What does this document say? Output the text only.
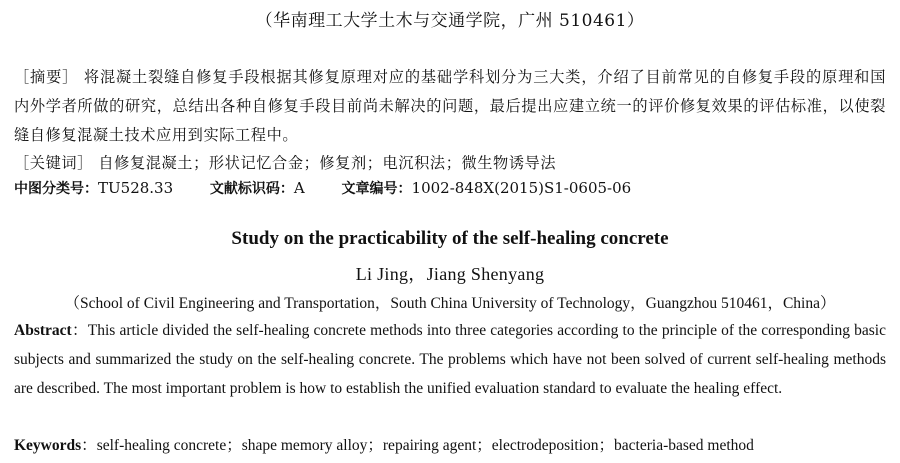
（华南理工大学土木与交通学院，广州 510461）
［摘要］ 将混凝土裂缝自修复手段根据其修复原理对应的基础学科划分为三大类，介绍了目前常见的自修复手段的原理和国内外学者所做的研究，总结出各种自修复手段目前尚未解决的问题，最后提出应建立统一的评价修复效果的评估标准，以使裂缝自修复混凝土技术应用到实际工程中。
［关键词］ 自修复混凝土；形状记忆合金；修复剂；电沉积法；微生物诱导法
中图分类号：TU528.33	文献标识码：A	文章编号：1002-848X(2015)S1-0605-06
Study on the practicability of the self-healing concrete
Li Jing，Jiang Shenyang
（School of Civil Engineering and Transportation，South China University of Technology，Guangzhou 510461，China）
Abstract：This article divided the self-healing concrete methods into three categories according to the principle of the corresponding basic subjects and summarized the study on the self-healing concrete. The problems which have not been solved of current self-healing methods are described. The most important problem is how to establish the unified evaluation standard to evaluate the healing effect.
Keywords：self-healing concrete；shape memory alloy；repairing agent；electrodeposition；bacteria-based method
